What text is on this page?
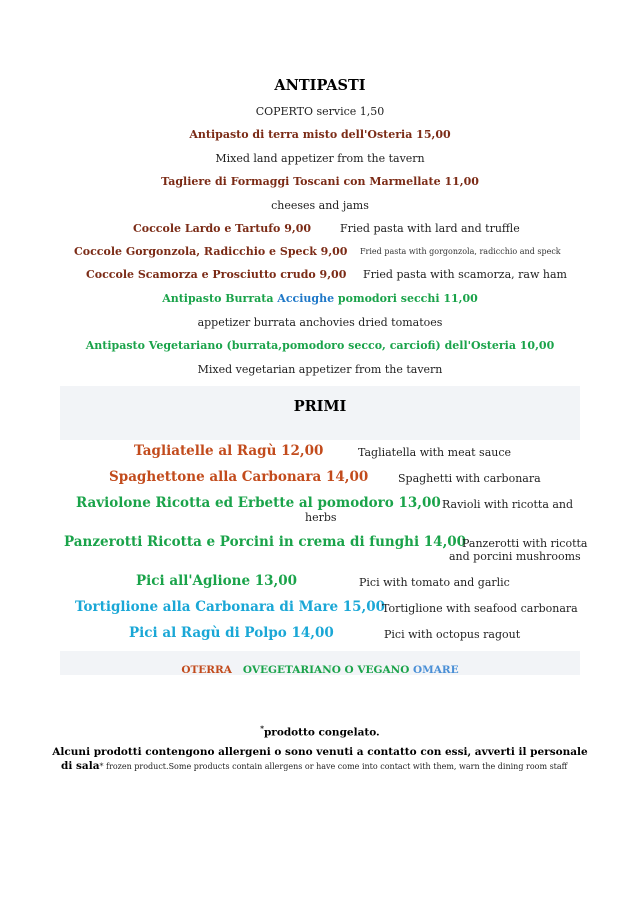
ANTIPASTI
COPERTO service 1,50
Antipasto di terra misto dell'Osteria 15,00
Mixed land appetizer from the tavern
Tagliere di Formaggi Toscani con Marmellate 11,00
cheeses and jams
Coccole Lardo e Tartufo 9,00	Fried pasta with lard and truffle
Coccole Gorgonzola, Radicchio e Speck 9,00 Fried pasta with gorgonzola, radicchio and speck
Coccole Scamorza e Prosciutto crudo 9,00 Fried pasta with scamorza, raw ham
Antipasto Burrata Acciughe pomodori secchi 11,00
appetizer burrata anchovies dried tomatoes
Antipasto Vegetariano (burrata,pomodoro secco, carciofi) dell'Osteria 10,00
Mixed vegetarian appetizer from the tavern
PRIMI
Tagliatelle al Ragù 12,00	Tagliatella with meat sauce
Spaghettone alla Carbonara 14,00	Spaghetti with carbonara
Raviolone Ricotta ed Erbette al pomodoro 13,00 Ravioli with ricotta and
herbs
Panzerotti Ricotta e Porcini in crema di funghi 14,00
Panzerotti with ricotta
and porcini mushrooms
Pici all'Aglione 13,00	Pici with tomato and garlic
Tortiglione alla Carbonara di Mare 15,00
Tortiglione with seafood carbonara
Pici al Ragù di Polpo 14,00	Pici with octopus ragout
OTERRA OVEGETARIANO O VEGANO OMARE
*prodotto congelato.
Alcuni prodotti contengono allergeni o sono venuti a contatto con essi, avverti il personale
di sala* frozen product.Some products contain allergens or have come into contact with them, warn the dining room staff
